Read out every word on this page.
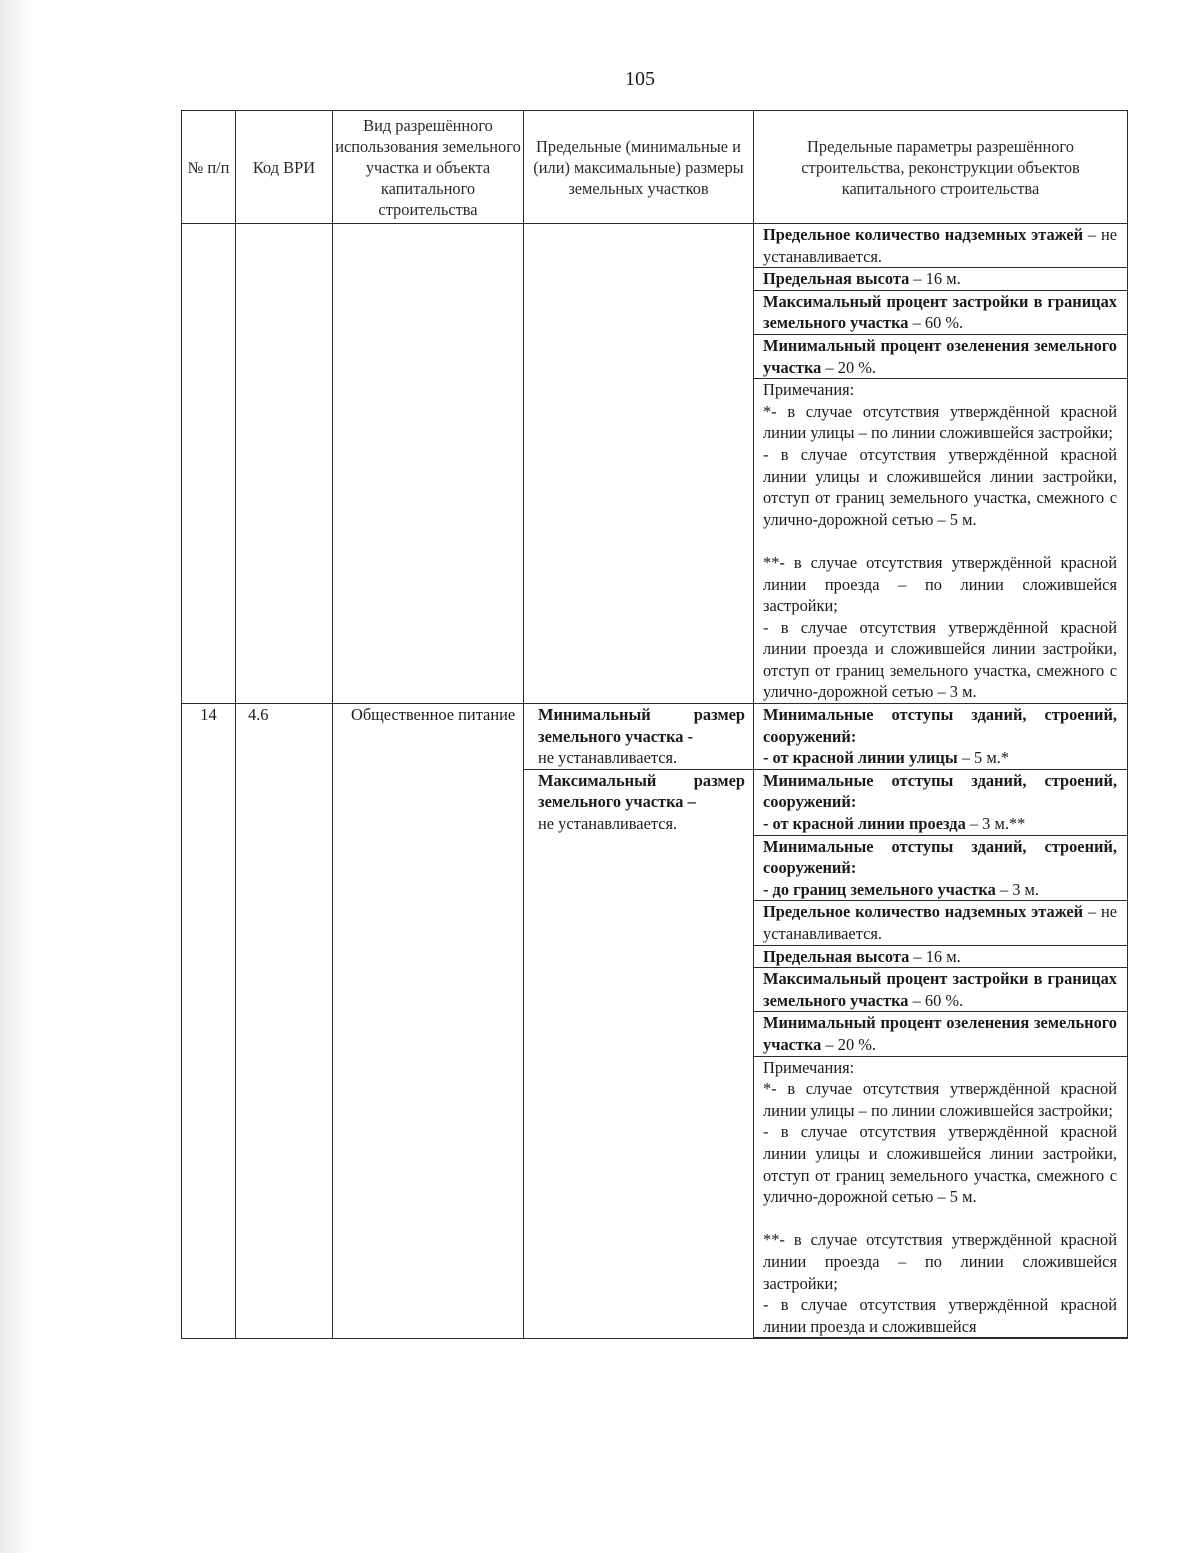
105
№ п/п	Код ВРИ	Вид разрешённого использования земельного участка и объекта капитального строительства	Предельные (минимальные и (или) максимальные) размеры земельных участков	Предельные параметры разрешённого строительства, реконструкции объектов капитального строительства
				Предельное количество надземных этажей – не устанавливается.
				Предельная высота – 16 м.
				Максимальный процент застройки в границах земельного участка – 60 %.
				Минимальный процент озеленения земельного участка – 20 %.

				Примечания:

*- в случае отсутствия утверждённой красной линии улицы – по линии сложившейся застройки;

- в случае отсутствия утверждённой красной линии улицы и сложившейся линии застройки, отступ от границ земельного участка, смежного с улично-дорожной сетью – 5 м.

**- в случае отсутствия утверждённой красной линии проезда – по линии сложившейся застройки;

- в случае отсутствия утверждённой красной линии проезда и сложившейся линии застройки, отступ от границ земельного участка, смежного с улично-дорожной сетью – 3 м.

14	4.6	Общественное питание	Минимальный размер земельного участка -
не устанавливается.	Минимальные отступы зданий, строений, сооружений:
- от красной линии улицы – 5 м.*

			Максимальный размер земельного участка –
не устанавливается.	Минимальные отступы зданий, строений, сооружений:
- от красной линии проезда – 3 м.**

				Минимальные отступы зданий, строений, сооружений:
- до границ земельного участка – 3 м.
				Предельное количество надземных этажей – не устанавливается.
				Предельная высота – 16 м.
				Максимальный процент застройки в границах земельного участка – 60 %.
				Минимальный процент озеленения земельного участка – 20 %.

				Примечания:

*- в случае отсутствия утверждённой красной линии улицы – по линии сложившейся застройки;

- в случае отсутствия утверждённой красной линии улицы и сложившейся линии застройки, отступ от границ земельного участка, смежного с улично-дорожной сетью – 5 м.

**- в случае отсутствия утверждённой красной линии проезда – по линии сложившейся застройки;

- в случае отсутствия утверждённой красной линии проезда и сложившейся
